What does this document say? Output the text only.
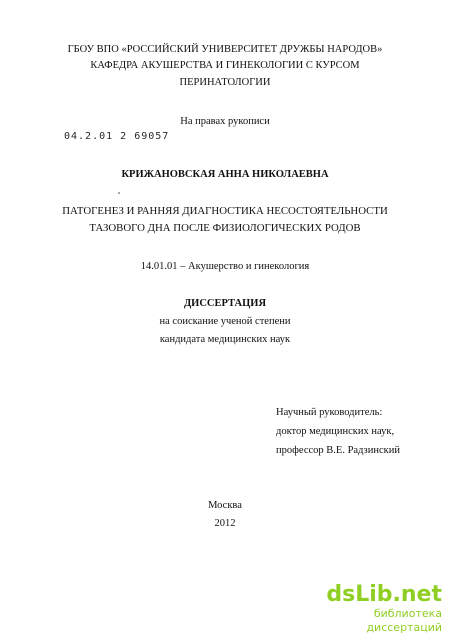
ГБОУ ВПО «РОССИЙСКИЙ УНИВЕРСИТЕТ ДРУЖБЫ НАРОДОВ»
КАФЕДРА АКУШЕРСТВА И ГИНЕКОЛОГИИ С КУРСОМ
ПЕРИНАТОЛОГИИ
На правах рукописи
04.2.01 2 69057
КРИЖАНОВСКАЯ АННА НИКОЛАЕВНА
ПАТОГЕНЕЗ И РАННЯЯ ДИАГНОСТИКА НЕСОСТОЯТЕЛЬНОСТИ
ТАЗОВОГО ДНА ПОСЛЕ ФИЗИОЛОГИЧЕСКИХ РОДОВ
14.01.01 – Акушерство и гинекология
ДИССЕРТАЦИЯ
на соискание ученой степени
кандидата медицинских наук
Научный руководитель:
доктор медицинских наук,
профессор В.Е. Радзинский
Москва
2012
dsLib.net
библиотека диссертаций
